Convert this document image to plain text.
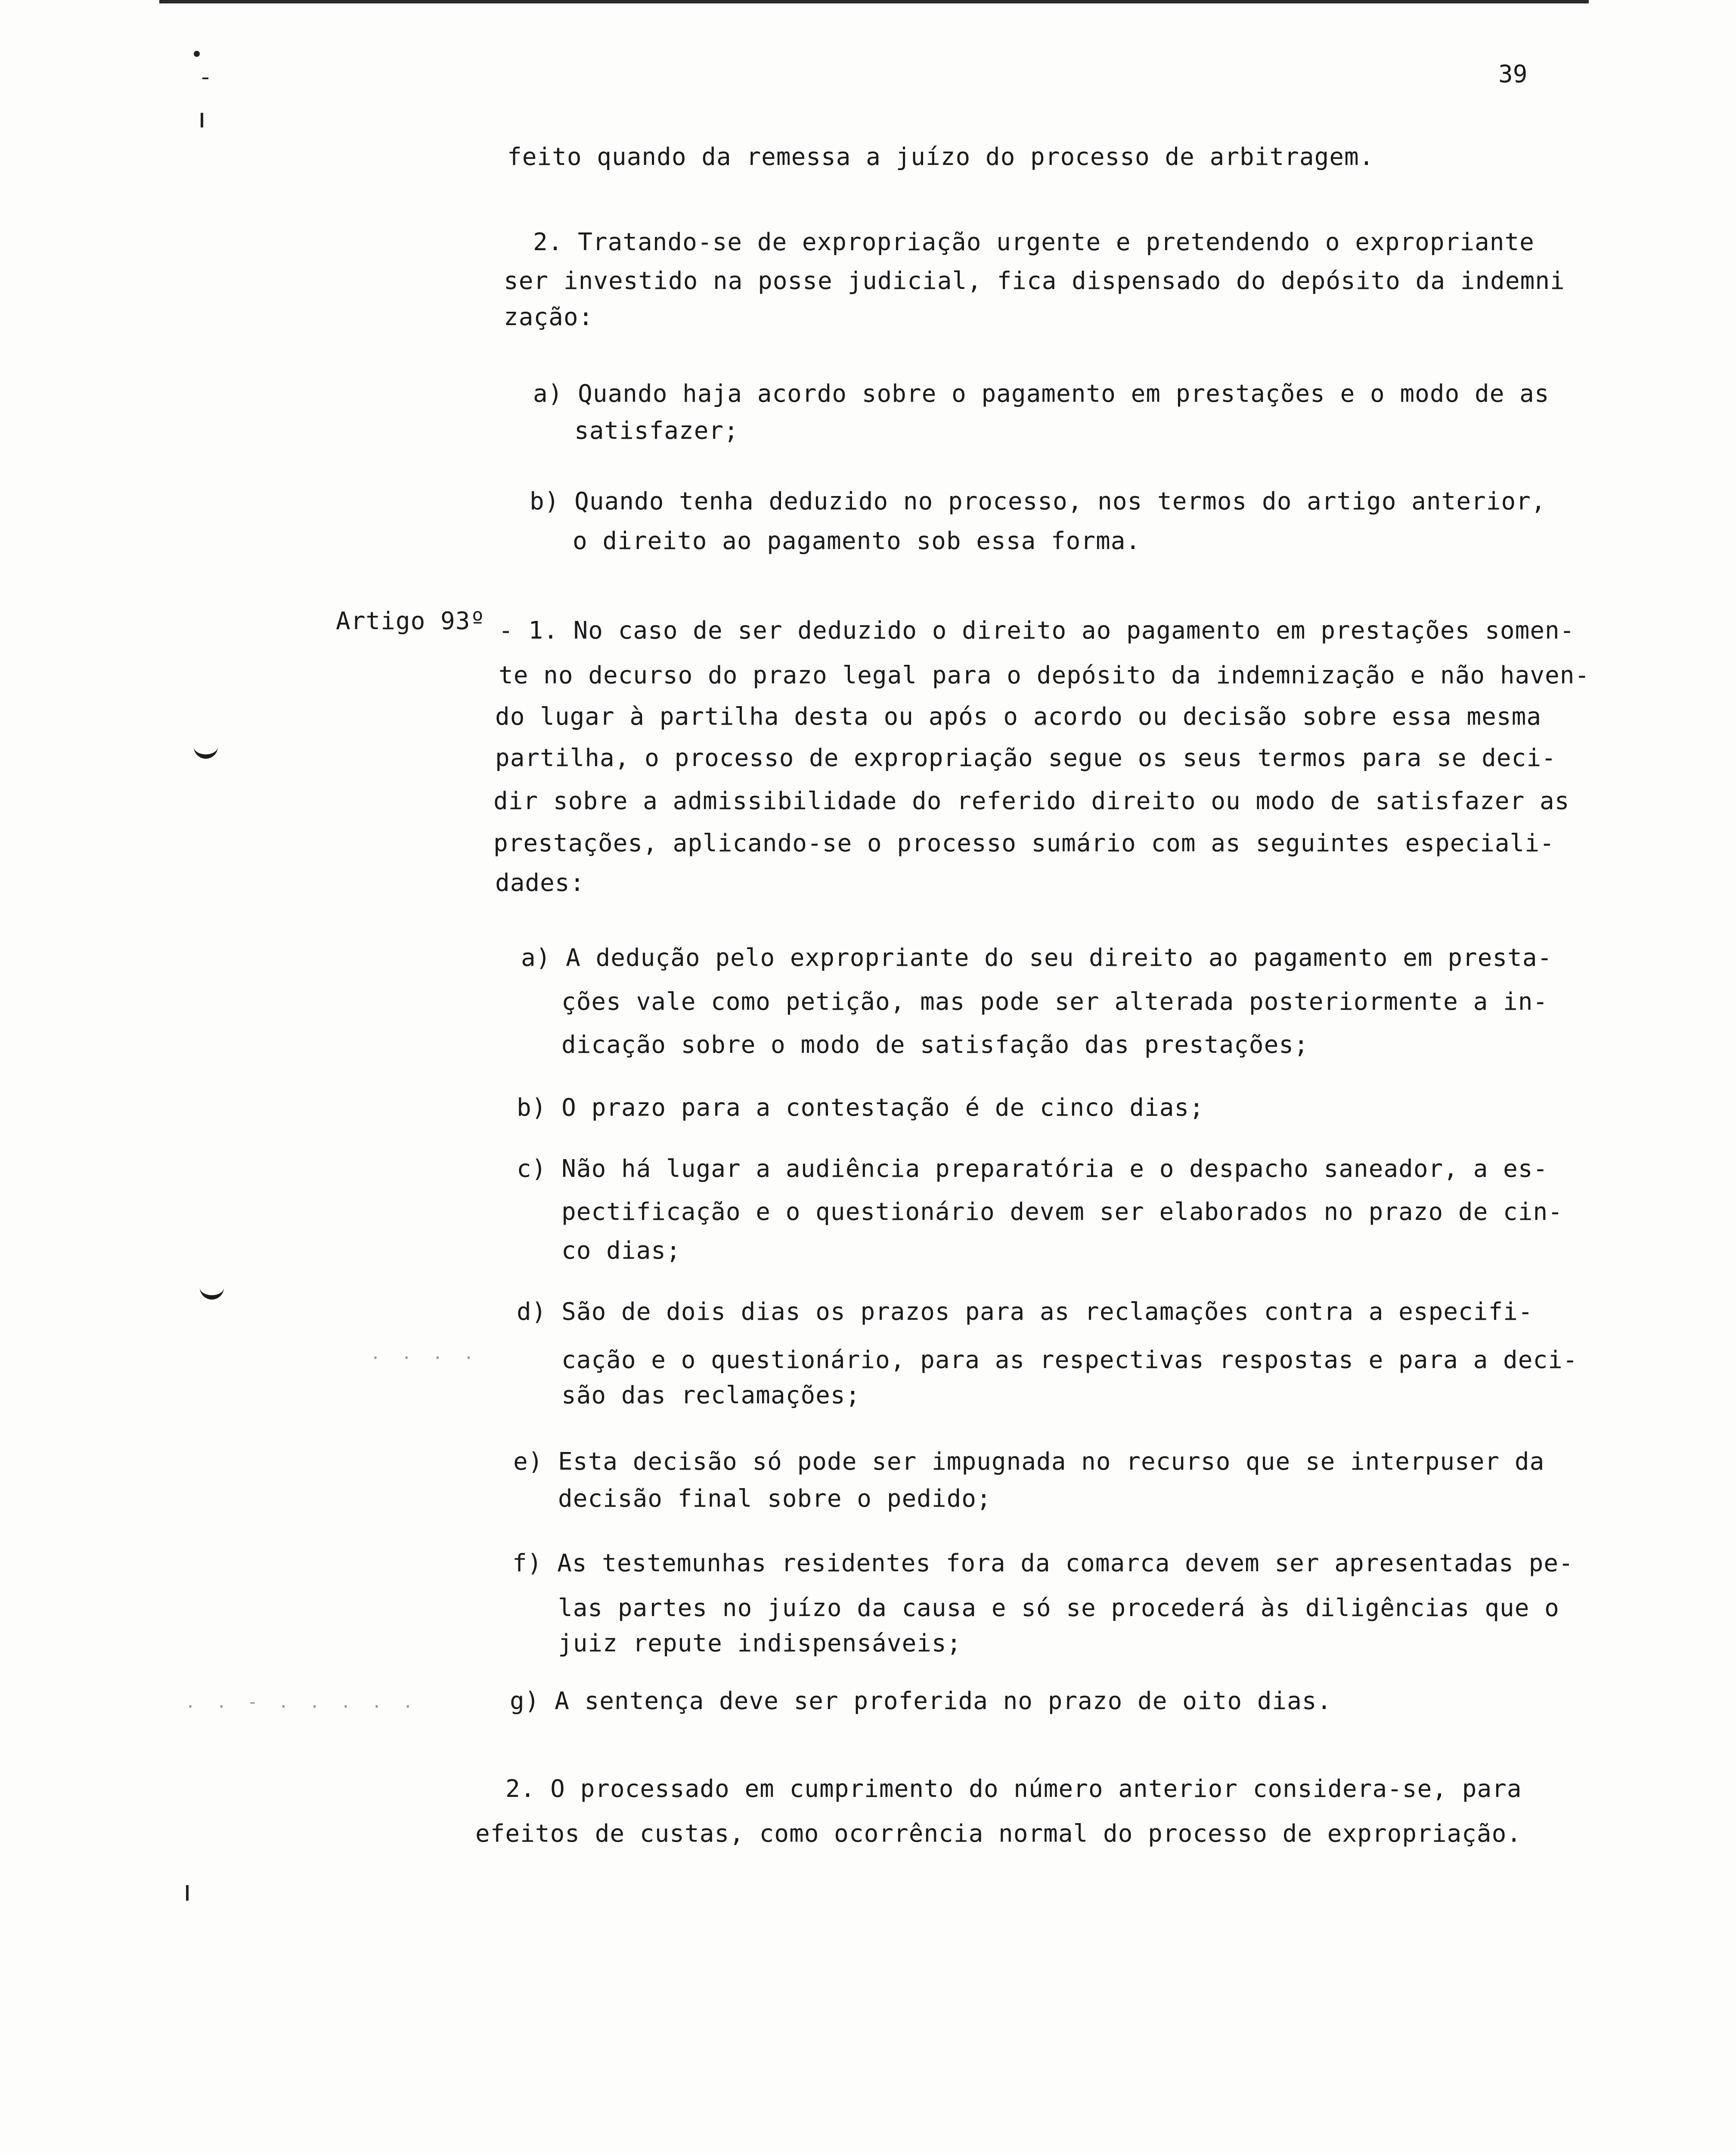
. . . .
. . - . . . . .
39
feito quando da remessa a juízo do processo de arbitragem.
2. Tratando-se de expropriação urgente e pretendendo o expropriante
ser investido na posse judicial, fica dispensado do depósito da indemni
zação:
a) Quando haja acordo sobre o pagamento em prestações e o modo de as
satisfazer;
b) Quando tenha deduzido no processo, nos termos do artigo anterior,
o direito ao pagamento sob essa forma.
Artigo 93º - 1. No caso de ser deduzido o direito ao pagamento em prestações somen-
te no decurso do prazo legal para o depósito da indemnização e não haven-
do lugar à partilha desta ou após o acordo ou decisão sobre essa mesma
partilha, o processo de expropriação segue os seus termos para se deci-
dir sobre a admissibilidade do referido direito ou modo de satisfazer as
prestações, aplicando-se o processo sumário com as seguintes especiali-
dades:
a) A dedução pelo expropriante do seu direito ao pagamento em presta-
ções vale como petição, mas pode ser alterada posteriormente a in-
dicação sobre o modo de satisfação das prestações;
b) O prazo para a contestação é de cinco dias;
c) Não há lugar a audiência preparatória e o despacho saneador, a es-
pectificação e o questionário devem ser elaborados no prazo de cin-
co dias;
d) São de dois dias os prazos para as reclamações contra a especifi-
cação e o questionário, para as respectivas respostas e para a deci-
são das reclamações;
e) Esta decisão só pode ser impugnada no recurso que se interpuser da
decisão final sobre o pedido;
f) As testemunhas residentes fora da comarca devem ser apresentadas pe-
las partes no juízo da causa e só se procederá às diligências que o
juiz repute indispensáveis;
g) A sentença deve ser proferida no prazo de oito dias.
2. O processado em cumprimento do número anterior considera-se, para
efeitos de custas, como ocorrência normal do processo de expropriação.
